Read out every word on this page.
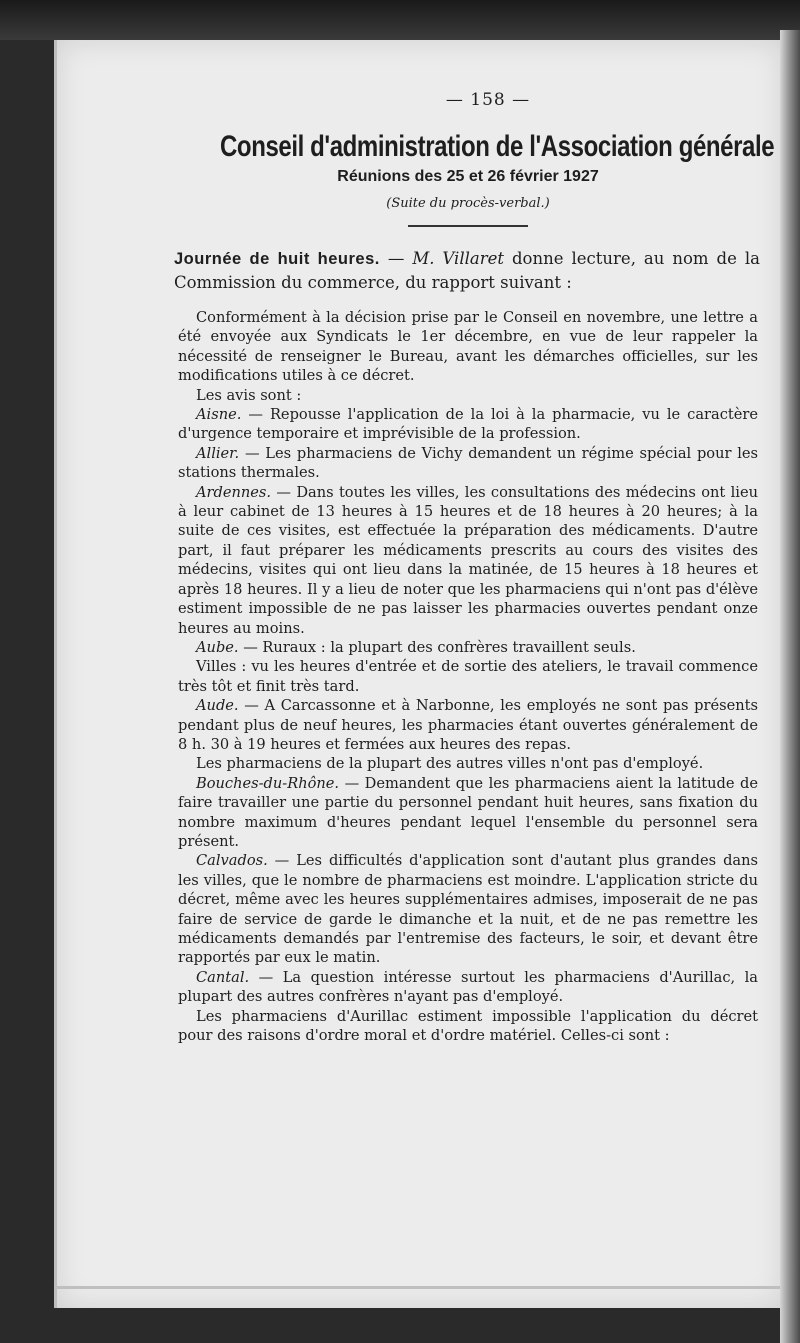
— 158 —
Conseil d'administration de l'Association générale
Réunions des 25 et 26 février 1927
(Suite du procès-verbal.)

Journée de huit heures. — M. Villaret donne lecture, au nom de la Commission du commerce, du rapport suivant :

Conformément à la décision prise par le Conseil en novembre, une lettre a été envoyée aux Syndicats le 1er décembre, en vue de leur rappeler la nécessité de renseigner le Bureau, avant les démarches officielles, sur les modifications utiles à ce décret.

Les avis sont :

Aisne. — Repousse l'application de la loi à la pharmacie, vu le caractère d'urgence temporaire et imprévisible de la profession.

Allier. — Les pharmaciens de Vichy demandent un régime spécial pour les stations thermales.

Ardennes. — Dans toutes les villes, les consultations des médecins ont lieu à leur cabinet de 13 heures à 15 heures et de 18 heures à 20 heures; à la suite de ces visites, est effectuée la préparation des médicaments. D'autre part, il faut préparer les médicaments prescrits au cours des visites des médecins, visites qui ont lieu dans la matinée, de 15 heures à 18 heures et après 18 heures. Il y a lieu de noter que les pharmaciens qui n'ont pas d'élève estiment impossible de ne pas laisser les pharmacies ouvertes pendant onze heures au moins.

Aube. — Ruraux : la plupart des confrères travaillent seuls.

Villes : vu les heures d'entrée et de sortie des ateliers, le travail commence très tôt et finit très tard.

Aude. — A Carcassonne et à Narbonne, les employés ne sont pas présents pendant plus de neuf heures, les pharmacies étant ouvertes généralement de 8 h. 30 à 19 heures et fermées aux heures des repas.

Les pharmaciens de la plupart des autres villes n'ont pas d'employé.

Bouches-du-Rhône. — Demandent que les pharmaciens aient la latitude de faire travailler une partie du personnel pendant huit heures, sans fixation du nombre maximum d'heures pendant lequel l'ensemble du personnel sera présent.

Calvados. — Les difficultés d'application sont d'autant plus grandes dans les villes, que le nombre de pharmaciens est moindre. L'application stricte du décret, même avec les heures supplémentaires admises, imposerait de ne pas faire de service de garde le dimanche et la nuit, et de ne pas remettre les médicaments demandés par l'entremise des facteurs, le soir, et devant être rapportés par eux le matin.

Cantal. — La question intéresse surtout les pharmaciens d'Aurillac, la plupart des autres confrères n'ayant pas d'employé.

Les pharmaciens d'Aurillac estiment impossible l'application du décret pour des raisons d'ordre moral et d'ordre matériel. Celles-ci sont :
